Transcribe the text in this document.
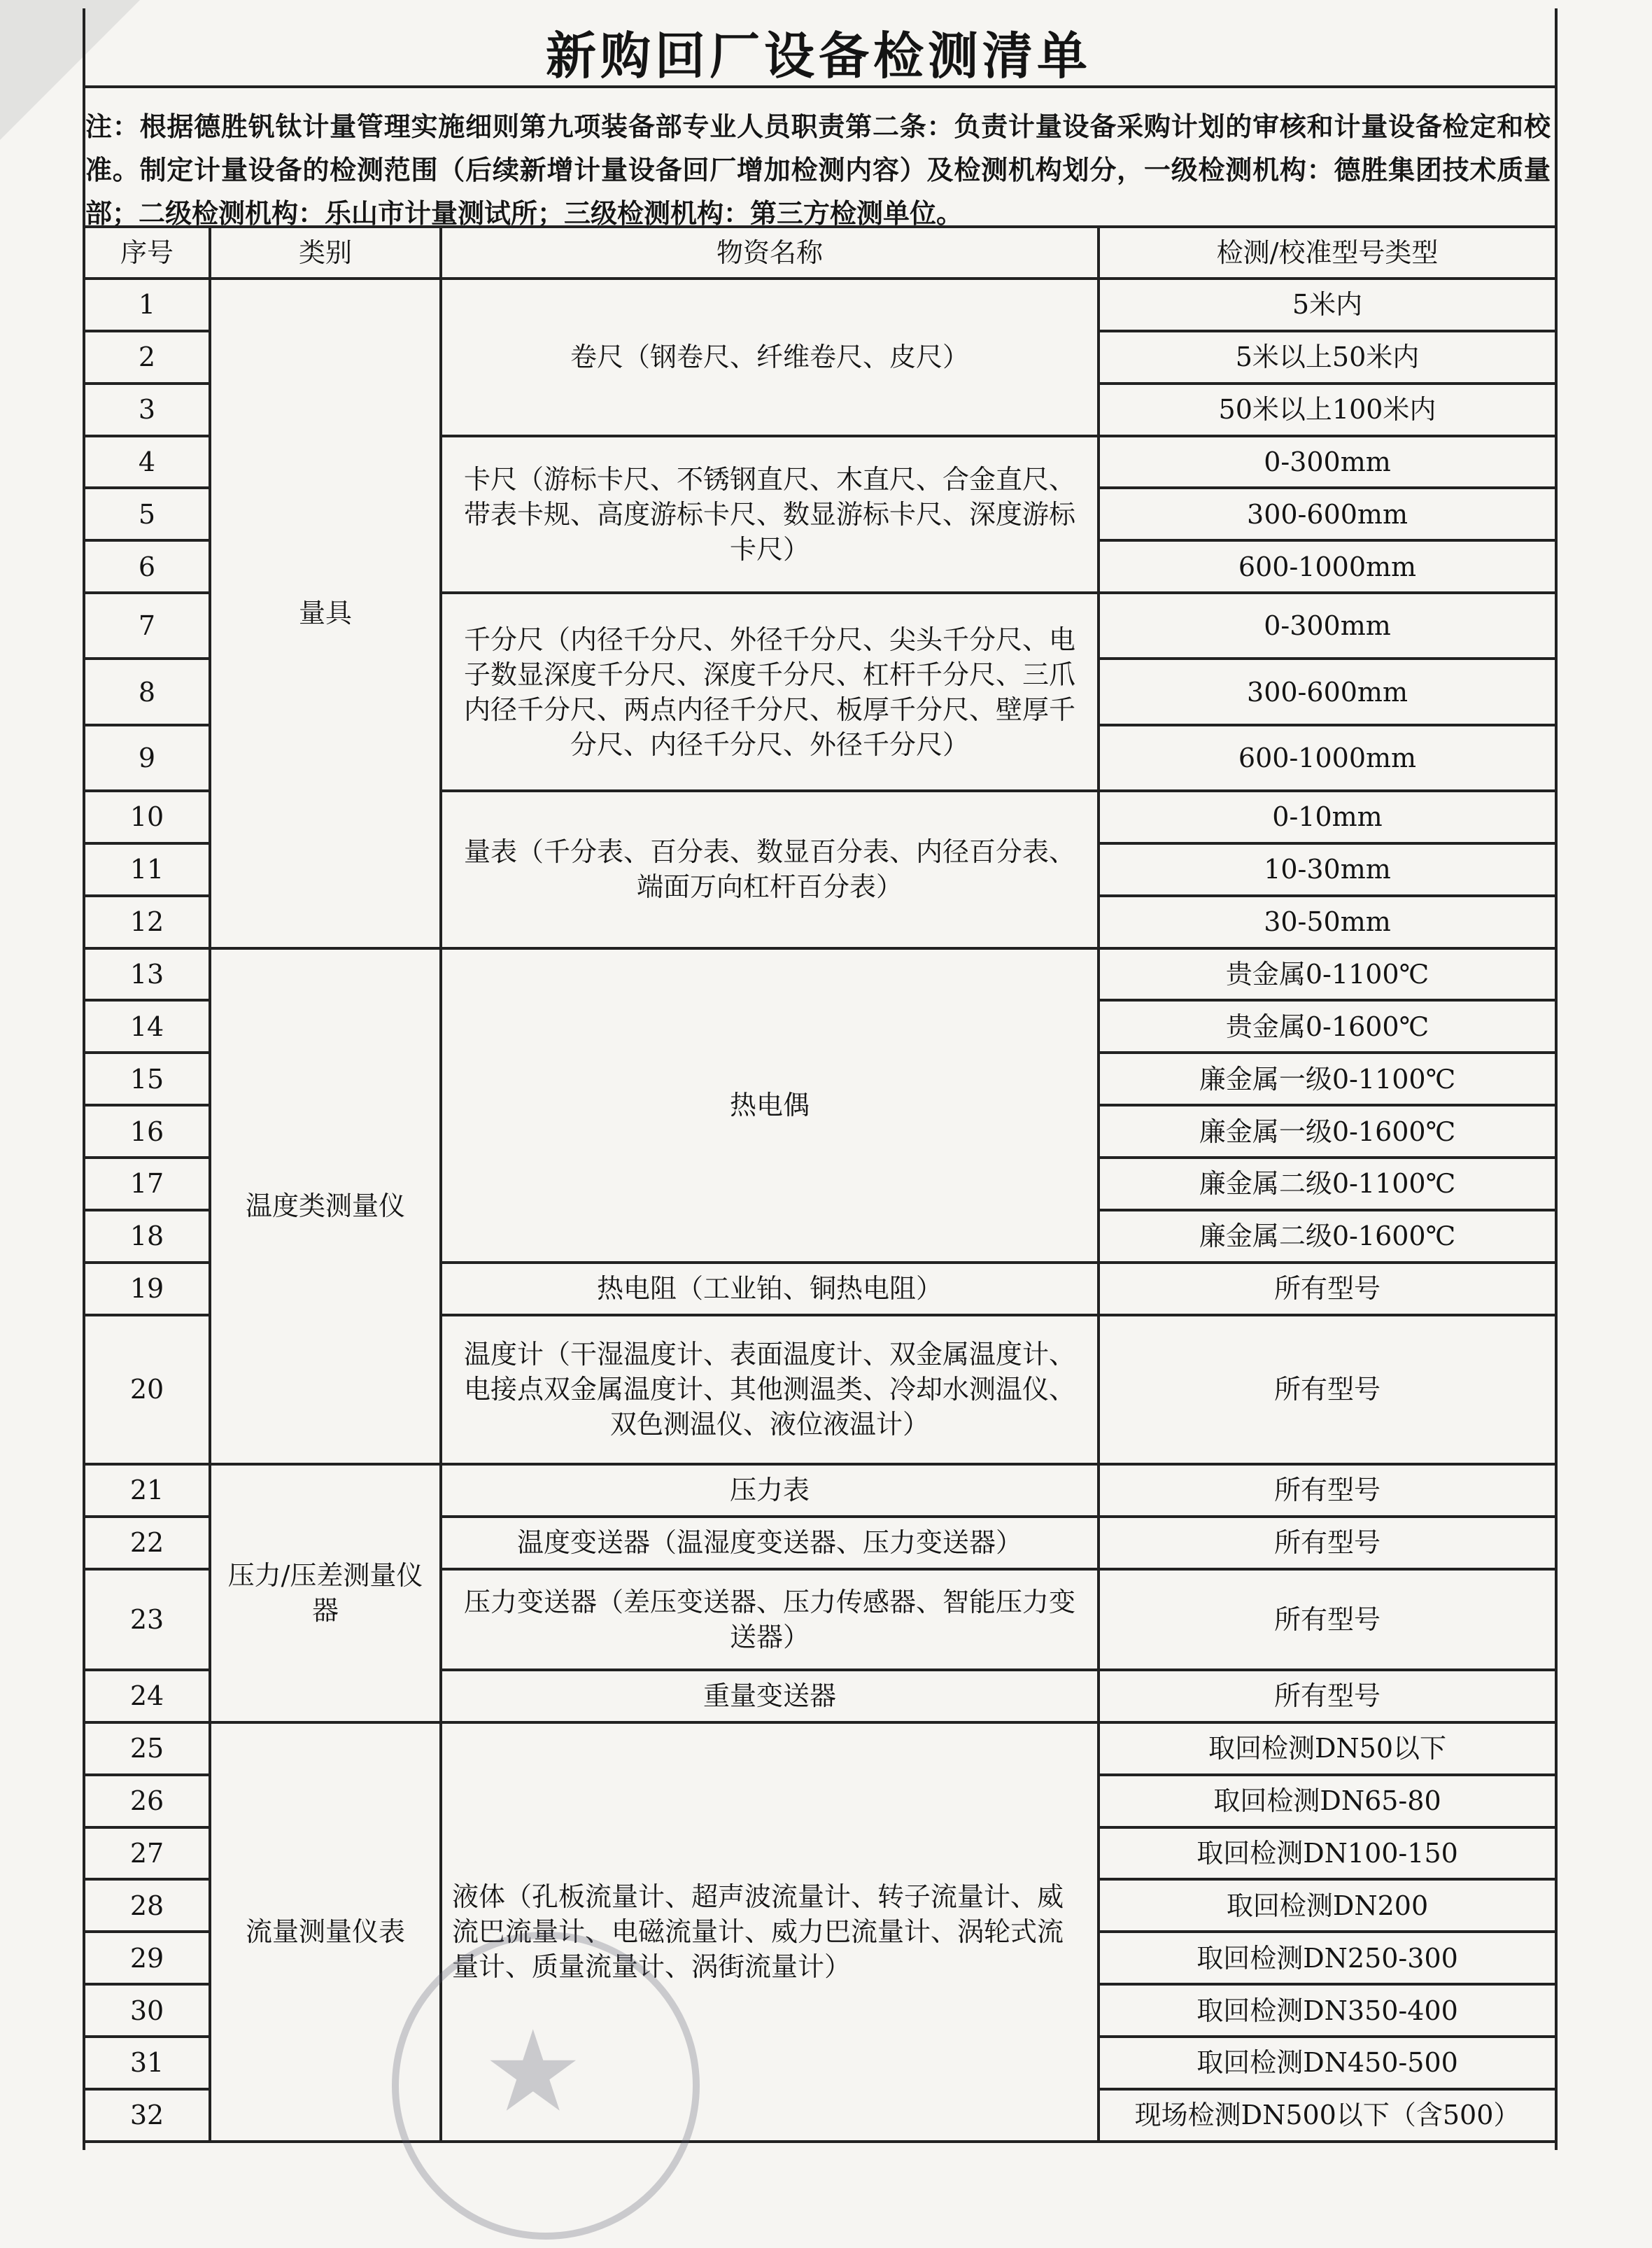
新购回厂设备检测清单
注：根据德胜钒钛计量管理实施细则第九项装备部专业人员职责第二条：负责计量设备采购计划的审核和计量设备检定和校准。制定计量设备的检测范围（后续新增计量设备回厂增加检测内容）及检测机构划分，一级检测机构：德胜集团技术质量部；二级检测机构：乐山市计量测试所；三级检测机构：第三方检测单位。
序号	类别	物资名称	检测/校准型号类型
1	量具	卷尺（钢卷尺、纤维卷尺、皮尺）	5米内
2			5米以上50米内
3			50米以上100米内
4		卡尺（游标卡尺、不锈钢直尺、木直尺、合金直尺、带表卡规、高度游标卡尺、数显游标卡尺、深度游标卡尺）	0-300mm
5			300-600mm
6			600-1000mm
7		千分尺（内径千分尺、外径千分尺、尖头千分尺、电子数显深度千分尺、深度千分尺、杠杆千分尺、三爪内径千分尺、两点内径千分尺、板厚千分尺、壁厚千分尺、内径千分尺、外径千分尺）	0-300mm
8			300-600mm
9			600-1000mm
10		量表（千分表、百分表、数显百分表、内径百分表、端面万向杠杆百分表）	0-10mm
11			10-30mm
12			30-50mm
13	温度类测量仪	热电偶	贵金属0-1100℃
14			贵金属0-1600℃
15			廉金属一级0-1100℃
16			廉金属一级0-1600℃
17			廉金属二级0-1100℃
18			廉金属二级0-1600℃
19		热电阻（工业铂、铜热电阻）	所有型号
20		温度计（干湿温度计、表面温度计、双金属温度计、电接点双金属温度计、其他测温类、冷却水测温仪、双色测温仪、液位液温计）	所有型号
21	压力/压差测量仪器	压力表	所有型号
22		温度变送器（温湿度变送器、压力变送器）	所有型号
23		压力变送器（差压变送器、压力传感器、智能压力变送器）	所有型号
24		重量变送器	所有型号
25	流量测量仪表	液体（孔板流量计、超声波流量计、转子流量计、威流巴流量计、电磁流量计、威力巴流量计、涡轮式流量计、质量流量计、涡街流量计）	取回检测DN50以下
26			取回检测DN65-80
27			取回检测DN100-150
28			取回检测DN200
29			取回检测DN250-300
30			取回检测DN350-400
31			取回检测DN450-500
32			现场检测DN500以下（含500）
★
